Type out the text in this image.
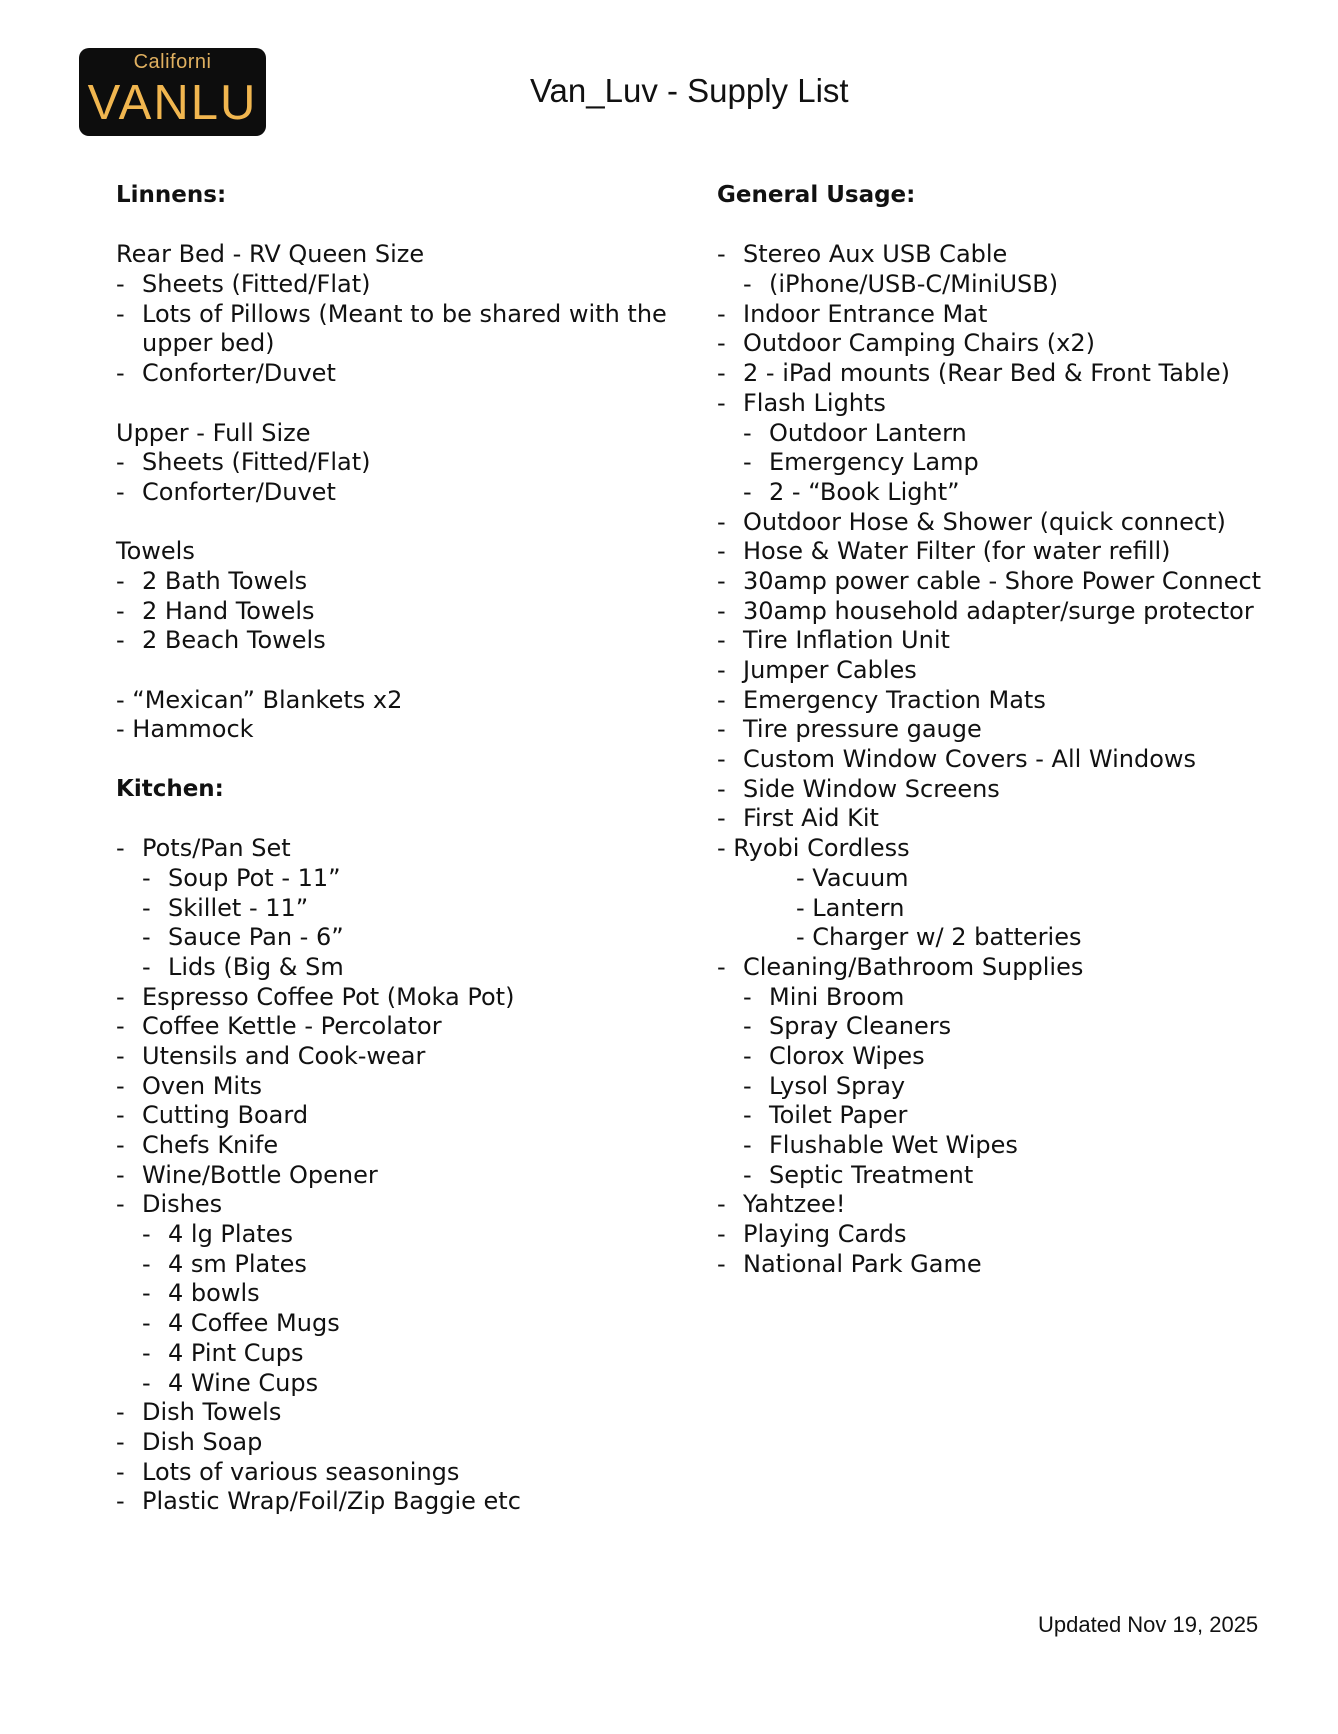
Californi
VANLU	Van_Luv - Supply List
Linnens:
Rear Bed - RV Queen Size
- Sheets (Fitted/Flat)
- Lots of Pillows (Meant to be shared with the
upper bed)
- Conforter/Duvet
Upper - Full Size
- Sheets (Fitted/Flat)
- Conforter/Duvet
Towels
- 2 Bath Towels
- 2 Hand Towels
- 2 Beach Towels
- “Mexican” Blankets x2
- Hammock
Kitchen:
- Pots/Pan Set
- Soup Pot - 11”
- Skillet - 11”
- Sauce Pan - 6”
- Lids (Big & Sm
- Espresso Coffee Pot (Moka Pot)
- Coffee Kettle - Percolator
- Utensils and Cook-wear
- Oven Mits
- Cutting Board
- Chefs Knife
- Wine/Bottle Opener
- Dishes
- 4 lg Plates
- 4 sm Plates
- 4 bowls
- 4 Coffee Mugs
- 4 Pint Cups
- 4 Wine Cups
- Dish Towels
- Dish Soap
- Lots of various seasonings
- Plastic Wrap/Foil/Zip Baggie etc
General Usage:
- Stereo Aux USB Cable
- (iPhone/USB-C/MiniUSB)
- Indoor Entrance Mat
- Outdoor Camping Chairs (x2)
- 2 - iPad mounts (Rear Bed & Front Table)
- Flash Lights
- Outdoor Lantern
- Emergency Lamp
- 2 - “Book Light”
- Outdoor Hose & Shower (quick connect)
- Hose & Water Filter (for water refill)
- 30amp power cable - Shore Power Connect
- 30amp household adapter/surge protector
- Tire Inflation Unit
- Jumper Cables
- Emergency Traction Mats
- Tire pressure gauge
- Custom Window Covers - All Windows
- Side Window Screens
- First Aid Kit
- Ryobi Cordless
- Vacuum
- Lantern
- Charger w/ 2 batteries
- Cleaning/Bathroom Supplies
- Mini Broom
- Spray Cleaners
- Clorox Wipes
- Lysol Spray
- Toilet Paper
- Flushable Wet Wipes
- Septic Treatment
- Yahtzee!
- Playing Cards
- National Park Game
Updated Nov 19, 2025
